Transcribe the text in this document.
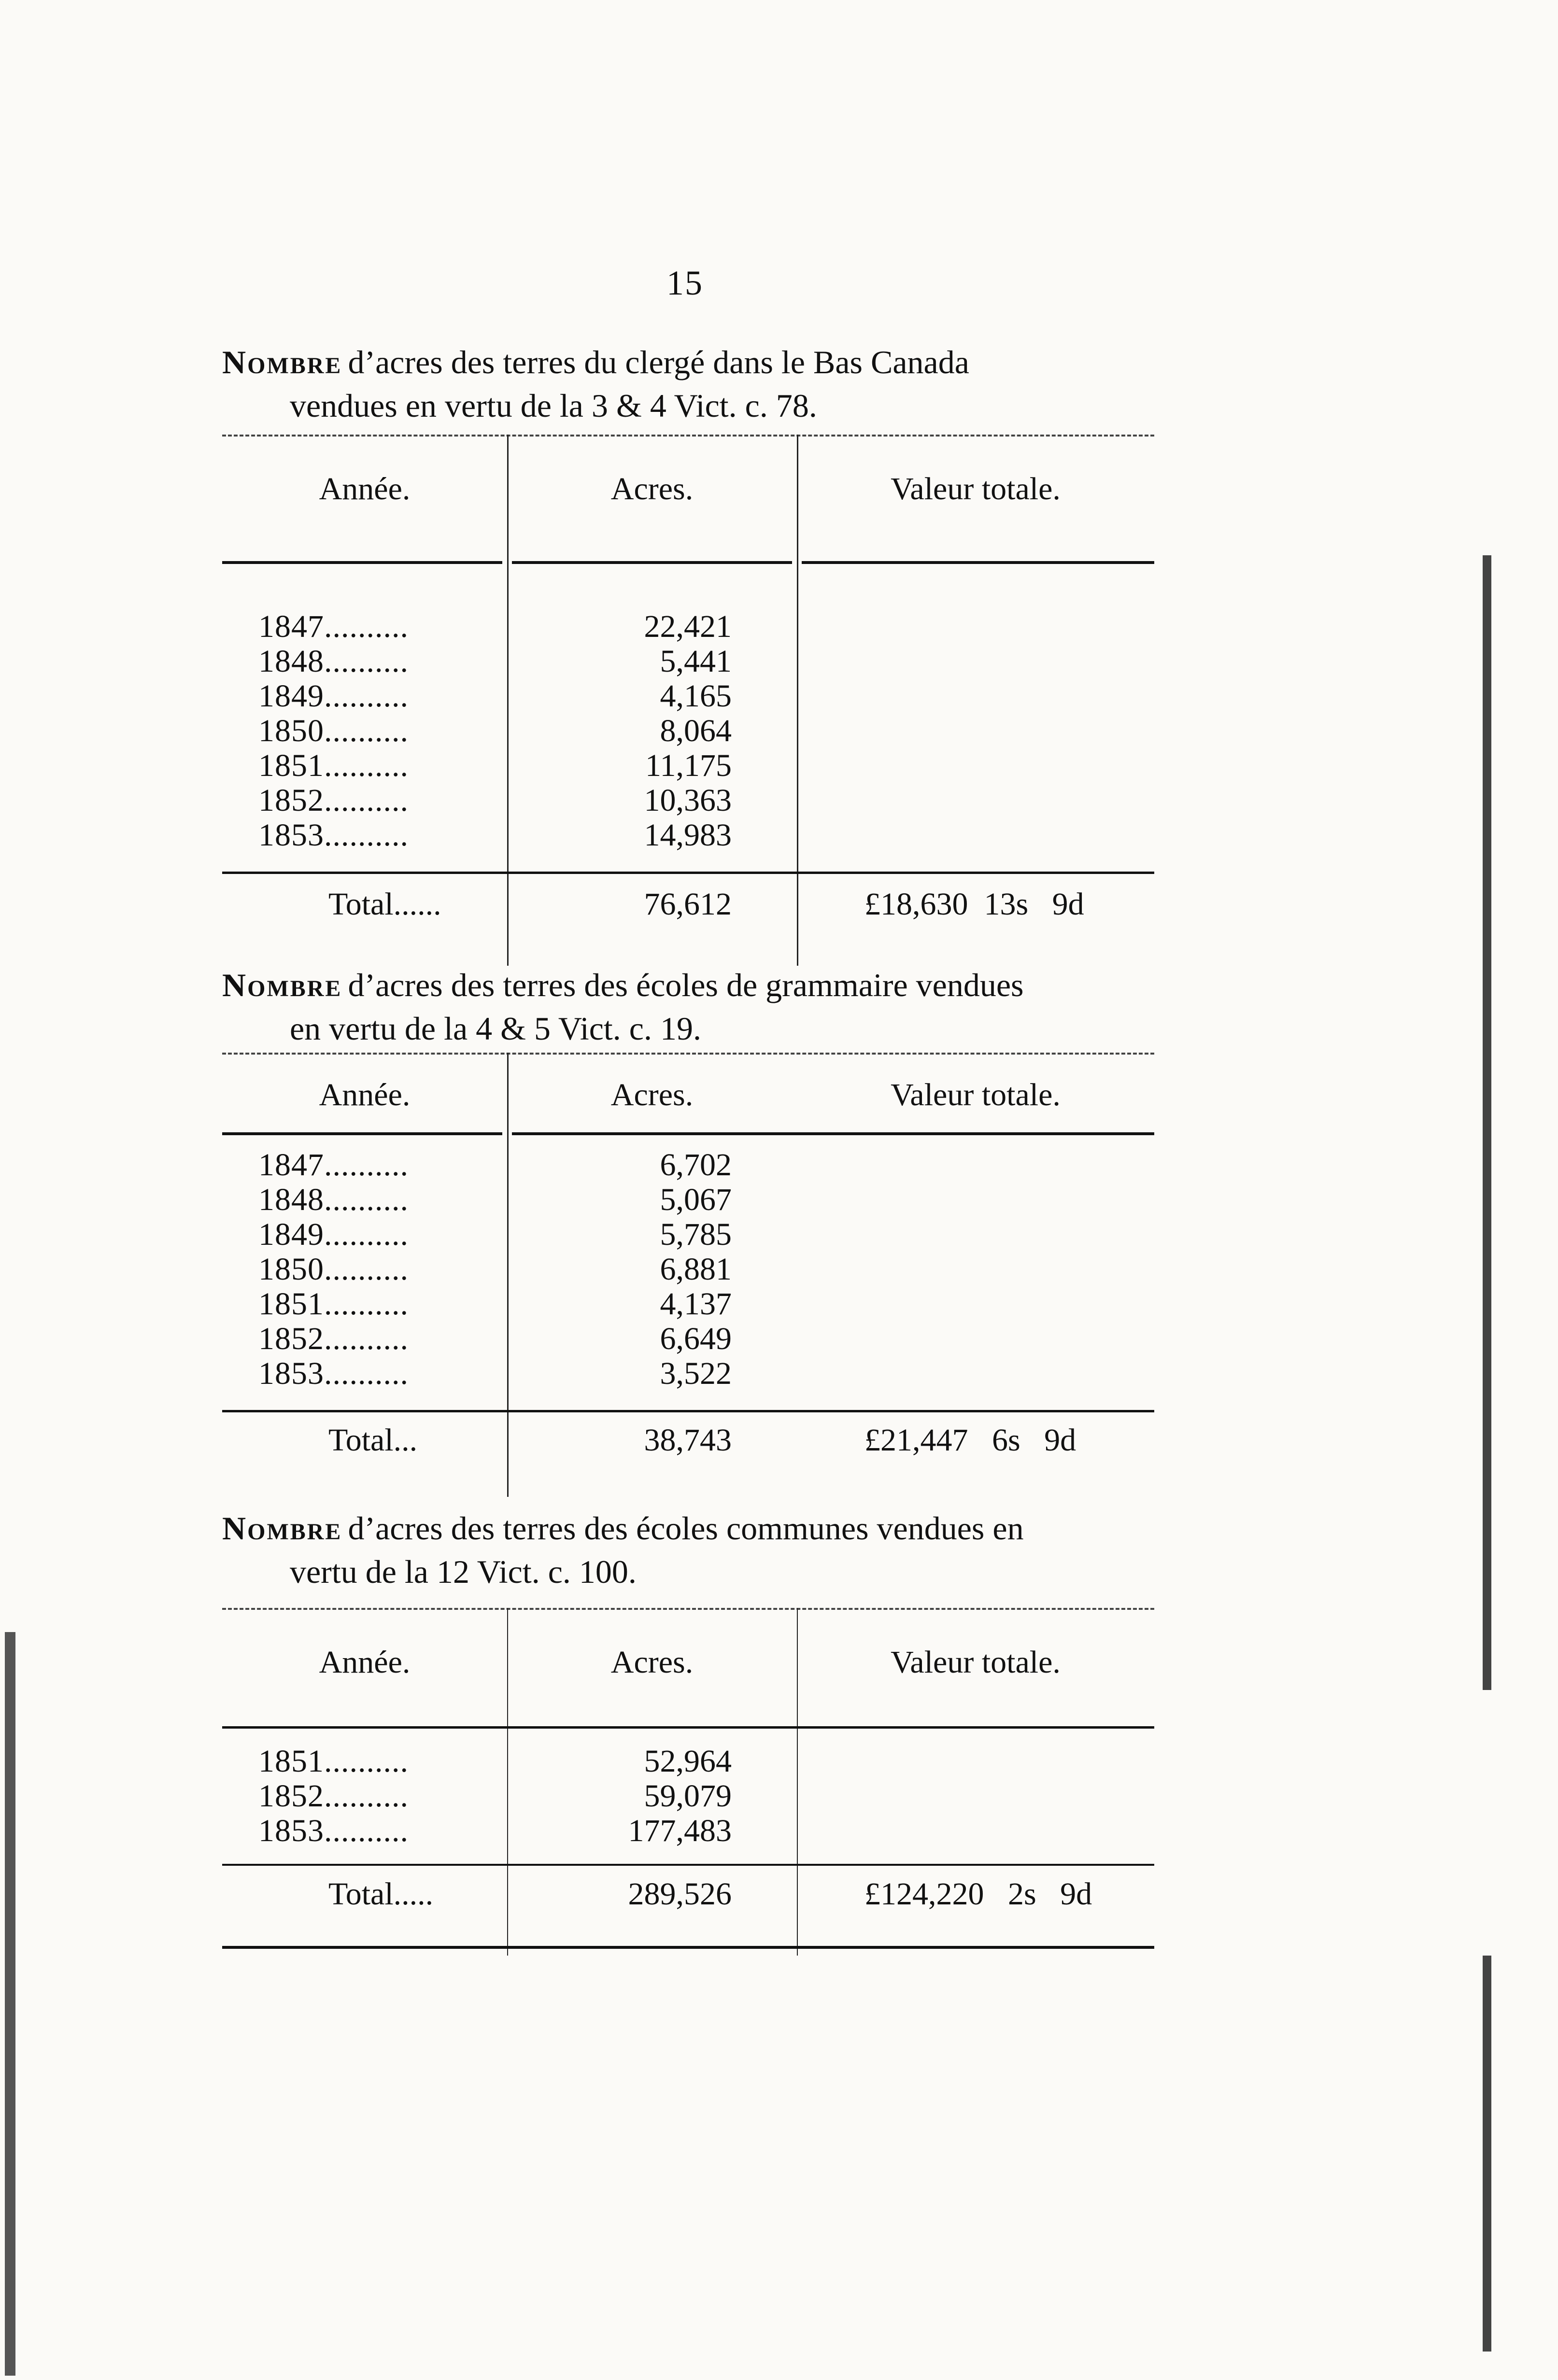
15
Nombre d’acres des terres du clergé dans le Bas Canada
vendues en vertu de la 3 & 4 Vict. c. 78.
Année.	Acres.	Valeur totale.
1847..........	22,421
1848..........	5,441
1849..........	4,165
1850..........	8,064
1851..........	11,175
1852..........	10,363
1853..........	14,983
Total......	76,612	£18,630  13s   9d
Nombre d’acres des terres des écoles de grammaire vendues
en vertu de la 4 & 5 Vict. c. 19.
Année.	Acres.	Valeur totale.
1847..........	6,702
1848..........	5,067
1849..........	5,785
1850..........	6,881
1851..........	4,137
1852..........	6,649
1853..........	3,522
Total...	38,743	£21,447   6s   9d
Nombre d’acres des terres des écoles communes vendues en
vertu de la 12 Vict. c. 100.
Année.	Acres.	Valeur totale.
1851..........	52,964
1852..........	59,079
1853..........	177,483
Total.....	289,526	£124,220   2s   9d
